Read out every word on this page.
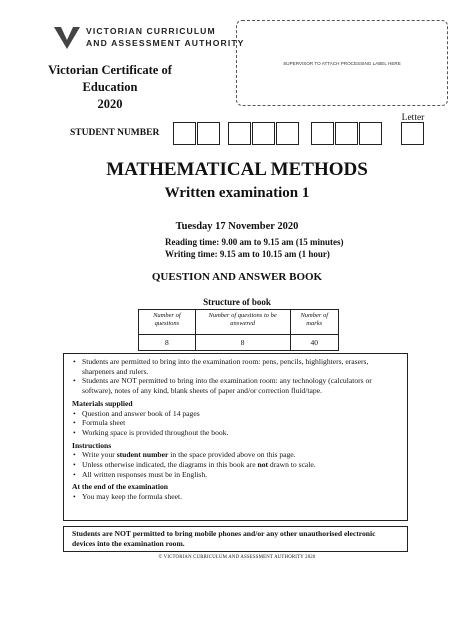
VICTORIAN CURRICULUM
AND ASSESSMENT AUTHORITY
Victorian Certificate of Education
2020
SUPERVISOR TO ATTACH PROCESSING LABEL HERE
Letter
STUDENT NUMBER
MATHEMATICAL METHODS
Written examination 1
Tuesday 17 November 2020
Reading time: 9.00 am to 9.15 am (15 minutes)
Writing time: 9.15 am to 10.15 am (1 hour)
QUESTION AND ANSWER BOOK
Structure of book
Number of questions	Number of questions to be answered	Number of marks
8	8	40
• Students are permitted to bring into the examination room: pens, pencils, highlighters, erasers, sharpeners and rulers.
• Students are NOT permitted to bring into the examination room: any technology (calculators or software), notes of any kind, blank sheets of paper and/or correction fluid/tape.
Materials supplied
• Question and answer book of 14 pages
• Formula sheet
• Working space is provided throughout the book.
Instructions
• Write your student number in the space provided above on this page.
• Unless otherwise indicated, the diagrams in this book are not drawn to scale.
• All written responses must be in English.
At the end of the examination
• You may keep the formula sheet.
Students are NOT permitted to bring mobile phones and/or any other unauthorised electronic devices into the examination room.
© VICTORIAN CURRICULUM AND ASSESSMENT AUTHORITY 2020
